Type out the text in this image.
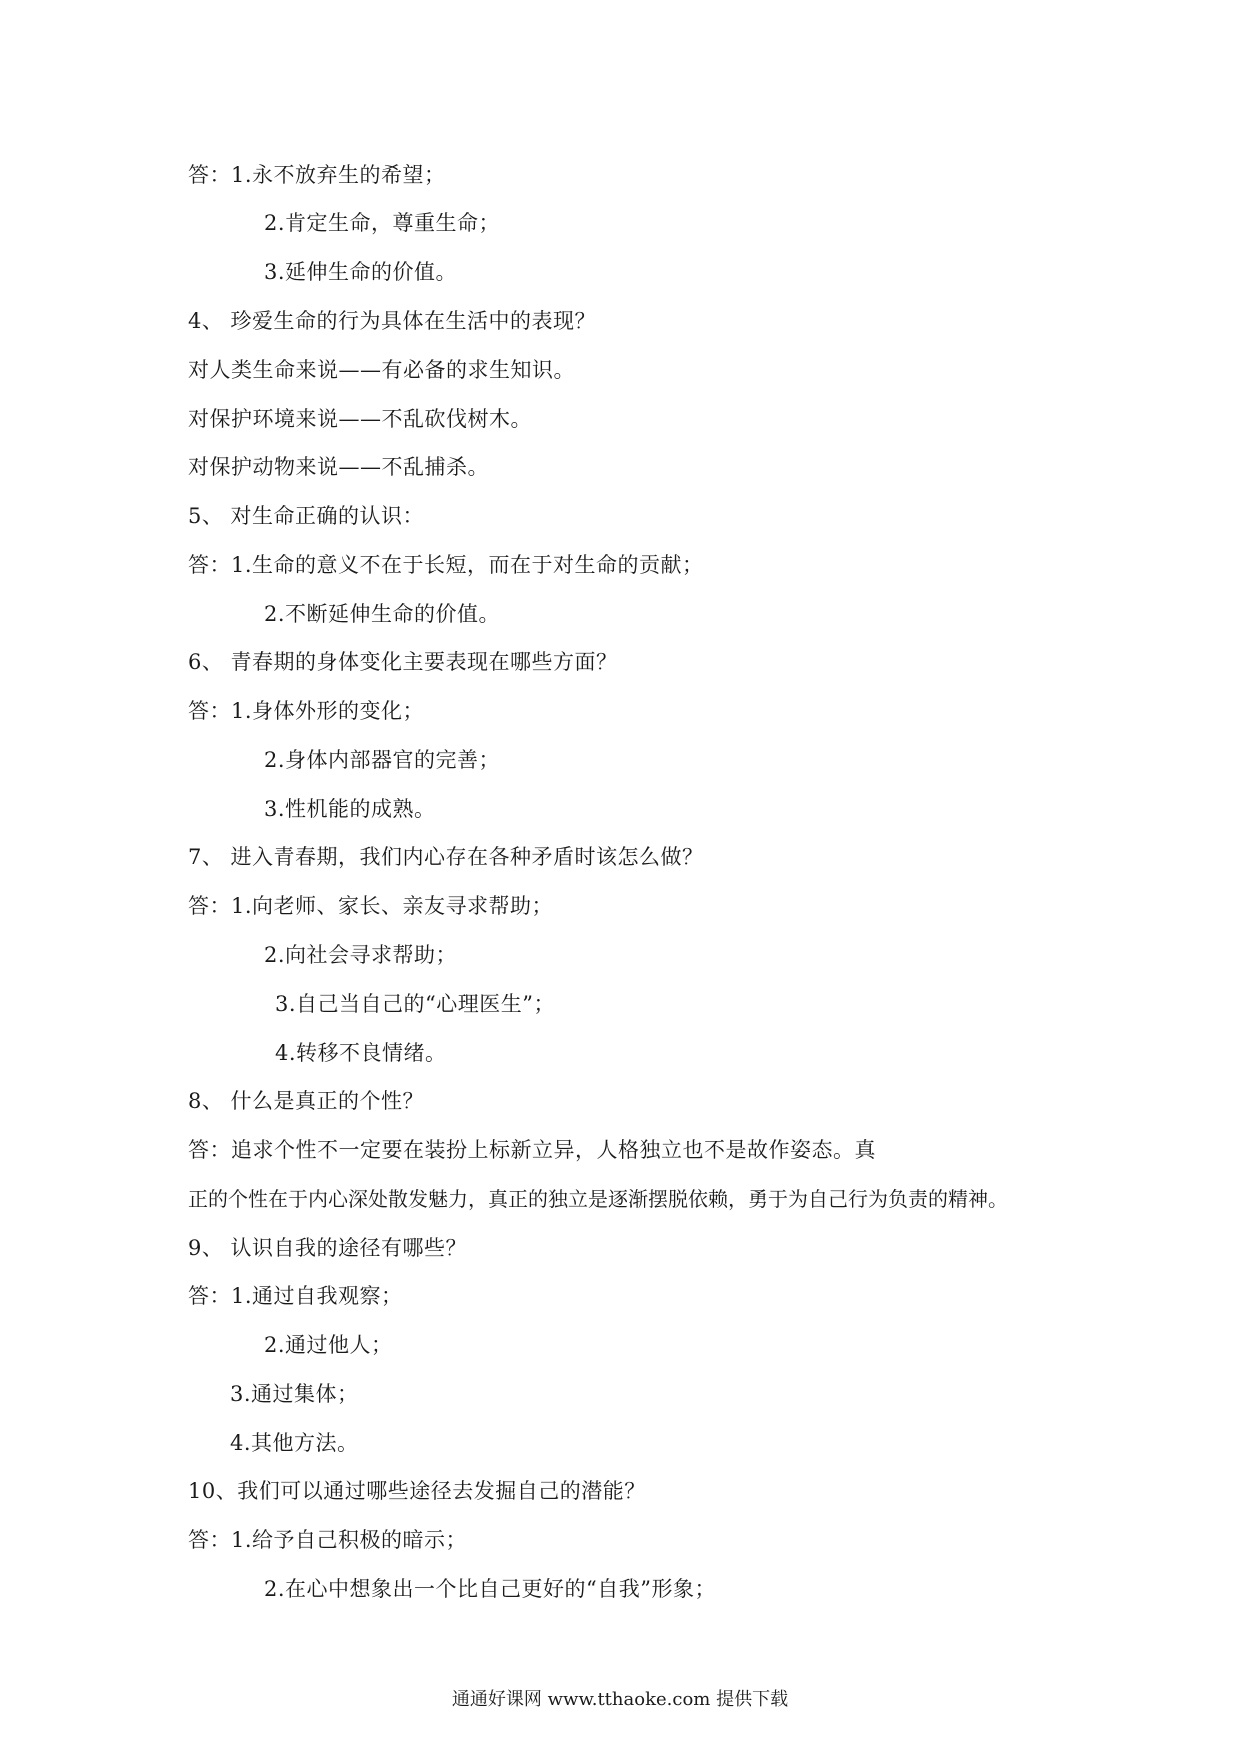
答：1.永不放弃生的希望；
2.肯定生命，尊重生命；
3.延伸生命的价值。
4、 珍爱生命的行为具体在生活中的表现？
对人类生命来说——有必备的求生知识。
对保护环境来说——不乱砍伐树木。
对保护动物来说——不乱捕杀。
5、 对生命正确的认识：
答：1.生命的意义不在于长短，而在于对生命的贡献；
2.不断延伸生命的价值。
6、 青春期的身体变化主要表现在哪些方面？
答：1.身体外形的变化；
2.身体内部器官的完善；
3.性机能的成熟。
7、 进入青春期，我们内心存在各种矛盾时该怎么做？
答：1.向老师、家长、亲友寻求帮助；
2.向社会寻求帮助；
3.自己当自己的“心理医生”；
4.转移不良情绪。
8、 什么是真正的个性？
答：追求个性不一定要在装扮上标新立异，人格独立也不是故作姿态。真
正的个性在于内心深处散发魅力，真正的独立是逐渐摆脱依赖，勇于为自己行为负责的精神。
9、 认识自我的途径有哪些？
答：1.通过自我观察；
2.通过他人；
3.通过集体；
4.其他方法。
10、我们可以通过哪些途径去发掘自己的潜能？
答：1.给予自己积极的暗示；
2.在心中想象出一个比自己更好的“自我”形象；
通通好课网 www.tthaoke.com 提供下载
